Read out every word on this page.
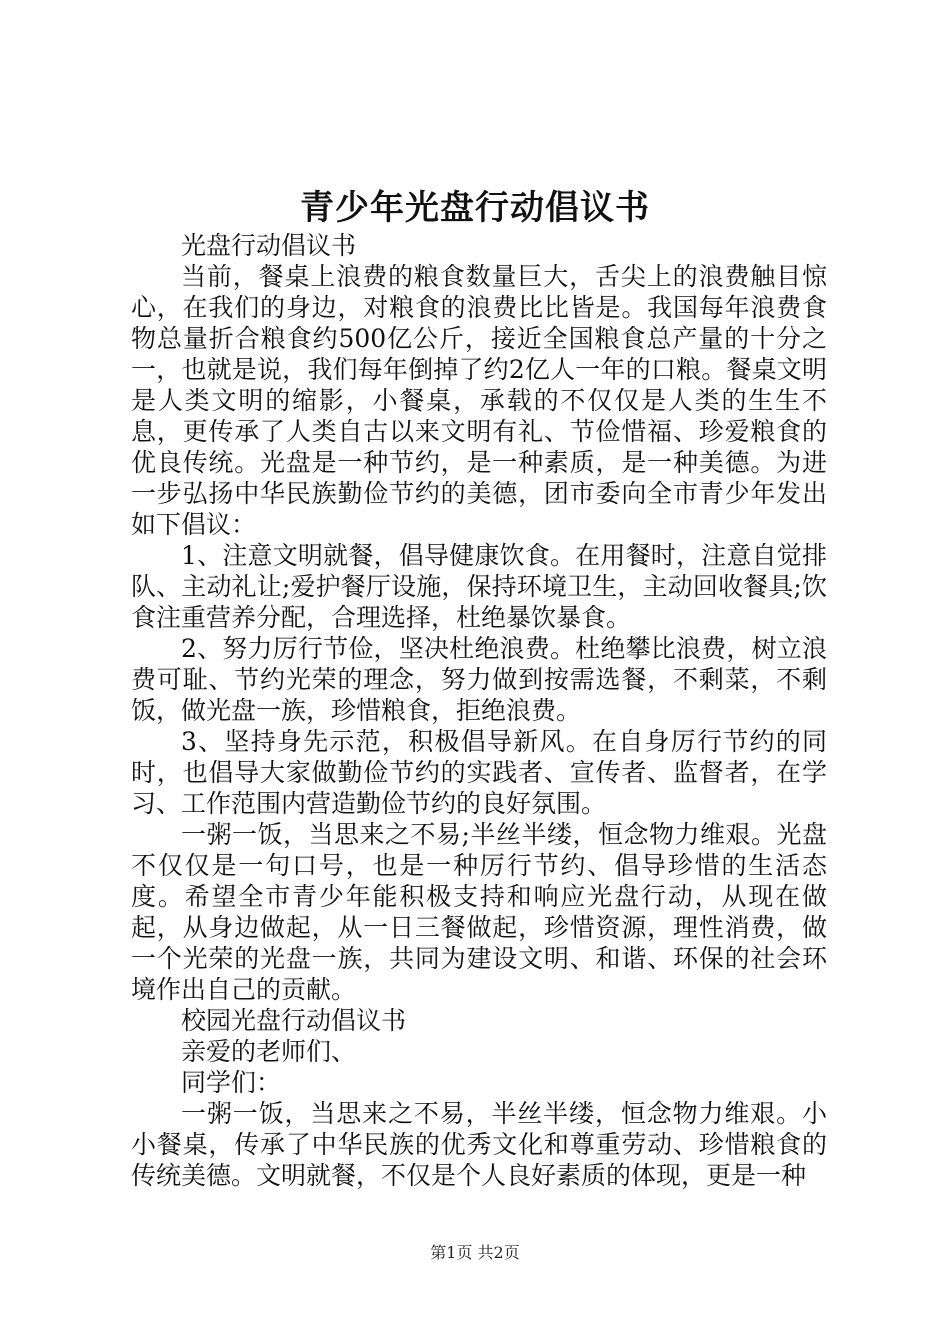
青少年光盘行动倡议书

光盘行动倡议书

当前，餐桌上浪费的粮食数量巨大，舌尖上的浪费触目惊心，在我们的身边，对粮食的浪费比比皆是。我国每年浪费食物总量折合粮食约500亿公斤，接近全国粮食总产量的十分之一，也就是说，我们每年倒掉了约2亿人一年的口粮。餐桌文明是人类文明的缩影，小餐桌，承载的不仅仅是人类的生生不息，更传承了人类自古以来文明有礼、节俭惜福、珍爱粮食的优良传统。光盘是一种节约，是一种素质，是一种美德。为进一步弘扬中华民族勤俭节约的美德，团市委向全市青少年发出如下倡议：

1、注意文明就餐，倡导健康饮食。在用餐时，注意自觉排队、主动礼让;爱护餐厅设施，保持环境卫生，主动回收餐具;饮食注重营养分配，合理选择，杜绝暴饮暴食。

2、努力厉行节俭，坚决杜绝浪费。杜绝攀比浪费，树立浪费可耻、节约光荣的理念，努力做到按需选餐，不剩菜，不剩饭，做光盘一族，珍惜粮食，拒绝浪费。

3、坚持身先示范，积极倡导新风。在自身厉行节约的同时，也倡导大家做勤俭节约的实践者、宣传者、监督者，在学习、工作范围内营造勤俭节约的良好氛围。

一粥一饭，当思来之不易;半丝半缕，恒念物力维艰。光盘不仅仅是一句口号，也是一种厉行节约、倡导珍惜的生活态度。希望全市青少年能积极支持和响应光盘行动，从现在做起，从身边做起，从一日三餐做起，珍惜资源，理性消费，做一个光荣的光盘一族，共同为建设文明、和谐、环保的社会环境作出自己的贡献。

校园光盘行动倡议书

亲爱的老师们、

同学们：

一粥一饭，当思来之不易，半丝半缕，恒念物力维艰。小小餐桌，传承了中华民族的优秀文化和尊重劳动、珍惜粮食的传统美德。文明就餐，不仅是个人良好素质的体现，更是一种

第1页 共2页
